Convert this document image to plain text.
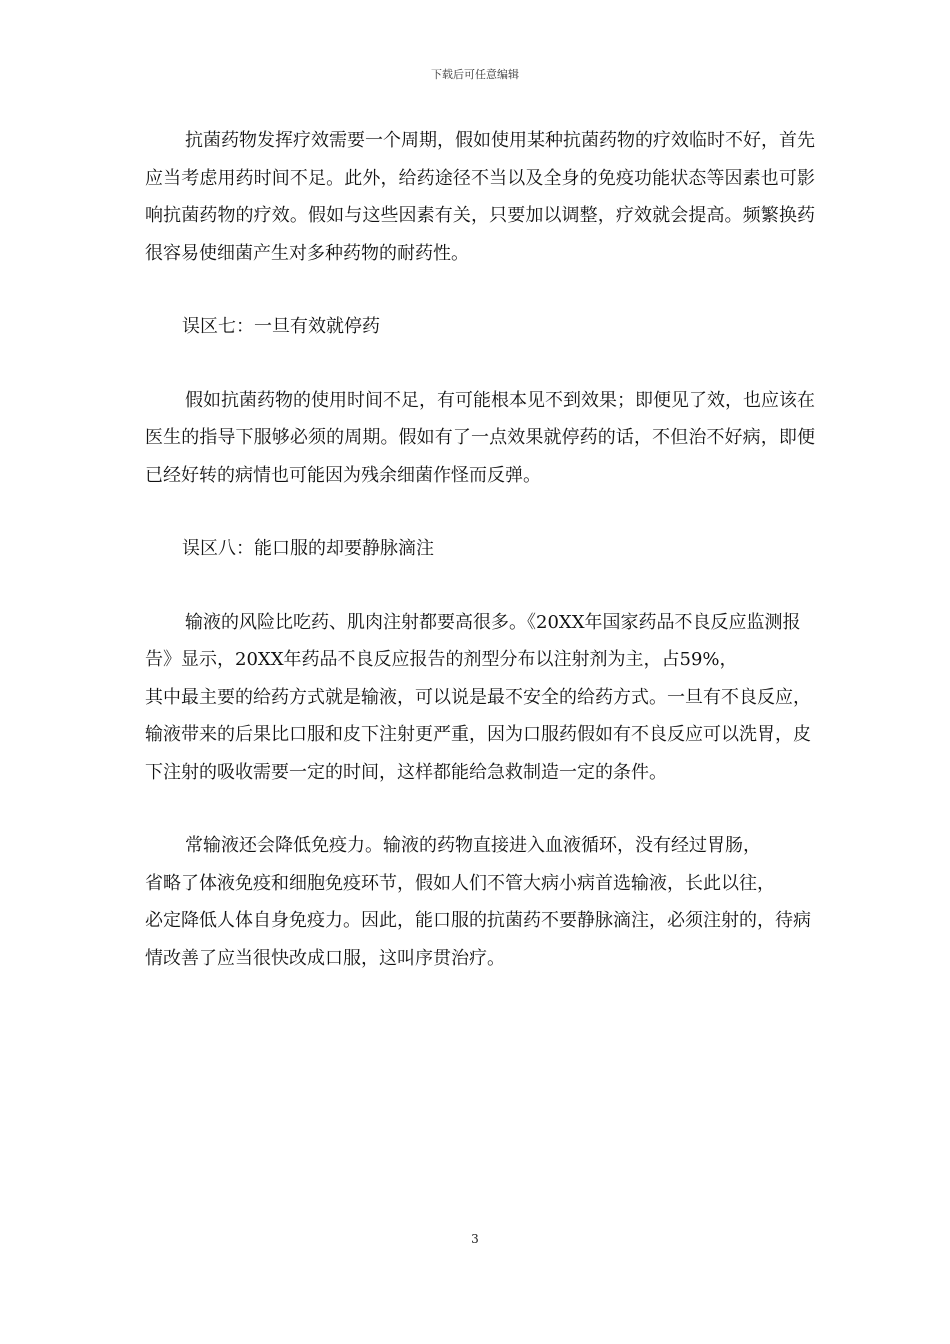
下载后可任意编辑

抗菌药物发挥疗效需要一个周期，假如使用某种抗菌药物的疗效临时不好，首先应当考虑用药时间不足。此外，给药途径不当以及全身的免疫功能状态等因素也可影响抗菌药物的疗效。假如与这些因素有关，只要加以调整，疗效就会提高。频繁换药很容易使细菌产生对多种药物的耐药性。

误区七：一旦有效就停药

假如抗菌药物的使用时间不足，有可能根本见不到效果；即便见了效，也应该在医生的指导下服够必须的周期。假如有了一点效果就停药的话，不但治不好病，即便已经好转的病情也可能因为残余细菌作怪而反弹。

误区八：能口服的却要静脉滴注

输液的风险比吃药、肌肉注射都要高很多。《20XX年国家药品不良反应监测报告》显示，20XX年药品不良反应报告的剂型分布以注射剂为主，占59%，
其中最主要的给药方式就是输液，可以说是最不安全的给药方式。一旦有不良反应，输液带来的后果比口服和皮下注射更严重，因为口服药假如有不良反应可以洗胃，皮下注射的吸收需要一定的时间，这样都能给急救制造一定的条件。

常输液还会降低免疫力。输液的药物直接进入血液循环，没有经过胃肠，
省略了体液免疫和细胞免疫环节，假如人们不管大病小病首选输液，长此以往，
必定降低人体自身免疫力。因此，能口服的抗菌药不要静脉滴注，必须注射的，待病情改善了应当很快改成口服，这叫序贯治疗。

3
